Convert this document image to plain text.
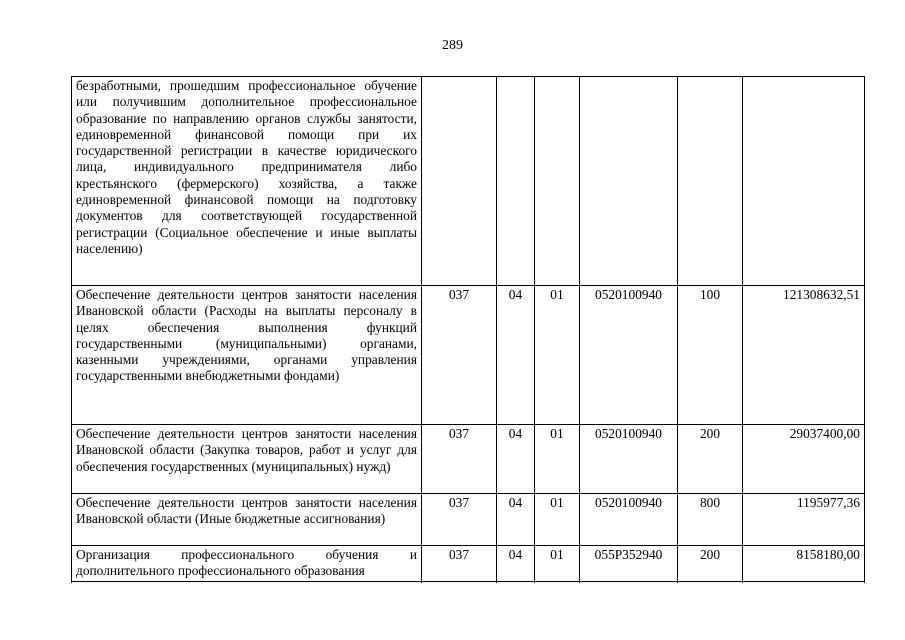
289
безработными, прошедшим профессиональное обучение или получившим дополнительное профессиональное образование по направлению органов службы занятости, единовременной финансовой помощи при их государственной регистрации в качестве юридического лица, индивидуального предпринимателя либо крестьянского (фермерского) хозяйства, а также единовременной финансовой помощи на подготовку документов для соответствующей государственной регистрации (Социальное обеспечение и иные выплаты населению)						
Обеспечение деятельности центров занятости населения Ивановской области (Расходы на выплаты персоналу в целях обеспечения выполнения функций государственными (муниципальными) органами, казенными учреждениями, органами управления государственными внебюджетными фондами)	037	04	01	0520100940	100	121308632,51
Обеспечение деятельности центров занятости населения Ивановской области (Закупка товаров, работ и услуг для обеспечения государственных (муниципальных) нужд)	037	04	01	0520100940	200	29037400,00
Обеспечение деятельности центров занятости населения Ивановской области (Иные бюджетные ассигнования)	037	04	01	0520100940	800	1195977,36
Организация профессионального обучения и дополнительного профессионального образования	037	04	01	055Р352940	200	8158180,00
